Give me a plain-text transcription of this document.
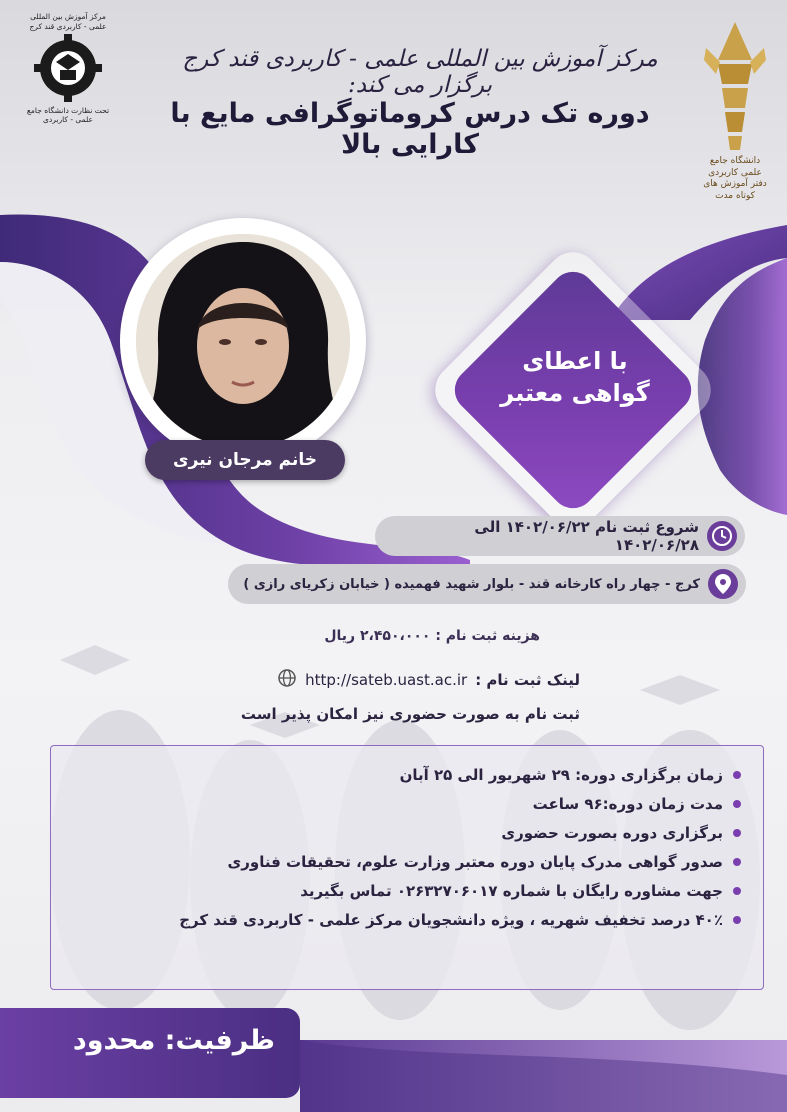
دانشگاه جامع علمی کاربردی
دفتر آموزش های کوتاه مدت
مرکز آموزش بین المللی علمی - کاربردی قند کرج
تحت نظارت دانشگاه جامع علمی - کاربردی
مرکز آموزش بین المللی علمی - کاربردی قند کرج برگزار می کند:
دوره تک درس کروماتوگرافی مایع با کارایی بالا
خانم مرجان نیری
با اعطای
گواهی معتبر
شروع ثبت نام ۱۴۰۲/۰۶/۲۲ الی ۱۴۰۲/۰۶/۲۸
کرج - چهار راه کارخانه قند - بلوار شهید فهمیده ( خیابان زکریای رازی )
هزینه ثبت نام : ۲،۴۵۰،۰۰۰ ریال
لینک ثبت نام :
http://sateb.uast.ac.ir
ثبت نام به صورت حضوری نیز امکان پذیر است
زمان برگزاری دوره: ۲۹ شهریور الی ۲۵ آبان
مدت زمان دوره:۹۶ ساعت
برگزاری دوره بصورت حضوری
صدور گواهی مدرک پایان دوره معتبر وزارت علوم، تحقیقات فناوری
جهت مشاوره رایگان با شماره ۰۲۶۳۲۷۰۶۰۱۷ تماس بگیرید
۴۰٪ درصد تخفیف شهریه ، ویژه دانشجویان مرکز علمی - کاربردی قند کرج
ظرفیت: محدود
